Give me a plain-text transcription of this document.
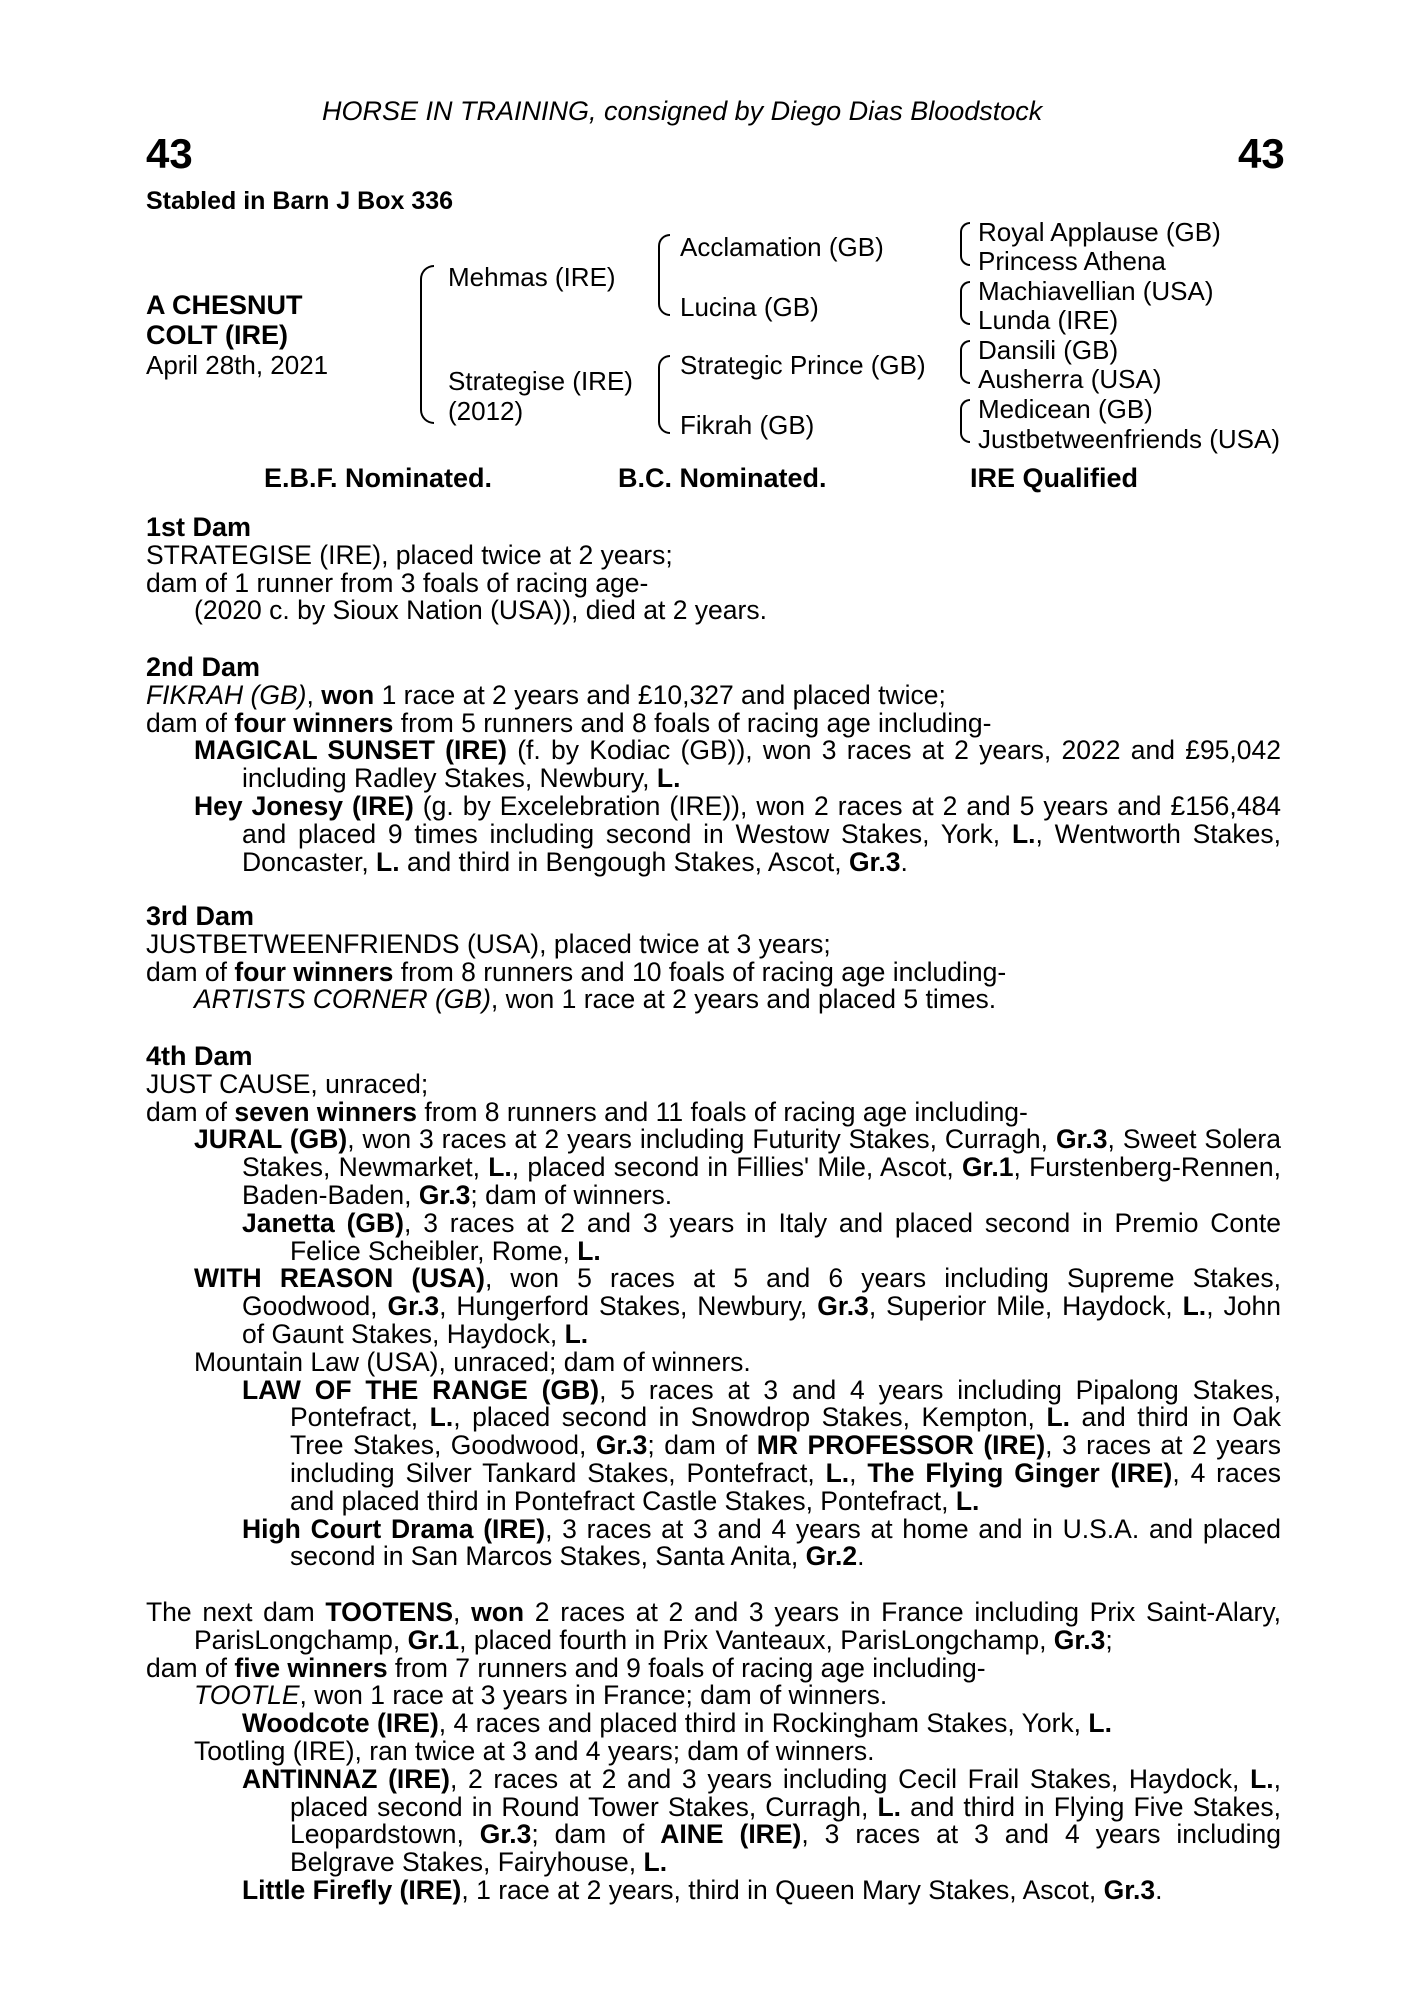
HORSE IN TRAINING, consigned by Diego Dias Bloodstock
43	43
Stabled in Barn J Box 336
A CHESNUT
COLT (IRE)
April 28th, 2021
Mehmas (IRE)
Strategise (IRE)
(2012)
Acclamation (GB)
Lucina (GB)
Strategic Prince (GB)
Fikrah (GB)
Royal Applause (GB)
Princess Athena
Machiavellian (USA)
Lunda (IRE)
Dansili (GB)
Ausherra (USA)
Medicean (GB)
Justbetweenfriends (USA)
E.B.F. Nominated.	B.C. Nominated.	IRE Qualified

1st Dam

STRATEGISE (IRE), placed twice at 2 years;

dam of 1 runner from 3 foals of racing age-

(2020 c. by Sioux Nation (USA)), died at 2 years.

2nd Dam

FIKRAH (GB), won 1 race at 2 years and £10,327 and placed twice;

dam of four winners from 5 runners and 8 foals of racing age including-

MAGICAL SUNSET (IRE) (f. by Kodiac (GB)), won 3 races at 2 years, 2022 and £95,042 including Radley Stakes, Newbury, L.

Hey Jonesy (IRE) (g. by Excelebration (IRE)), won 2 races at 2 and 5 years and £156,484 and placed 9 times including second in Westow Stakes, York, L., Wentworth Stakes, Doncaster, L. and third in Bengough Stakes, Ascot, Gr.3.

3rd Dam

JUSTBETWEENFRIENDS (USA), placed twice at 3 years;

dam of four winners from 8 runners and 10 foals of racing age including-

ARTISTS CORNER (GB), won 1 race at 2 years and placed 5 times.

4th Dam

JUST CAUSE, unraced;

dam of seven winners from 8 runners and 11 foals of racing age including-

JURAL (GB), won 3 races at 2 years including Futurity Stakes, Curragh, Gr.3, Sweet Solera Stakes, Newmarket, L., placed second in Fillies' Mile, Ascot, Gr.1, Furstenberg-Rennen, Baden-Baden, Gr.3; dam of winners.

Janetta (GB), 3 races at 2 and 3 years in Italy and placed second in Premio Conte Felice Scheibler, Rome, L.

WITH REASON (USA), won 5 races at 5 and 6 years including Supreme Stakes, Goodwood, Gr.3, Hungerford Stakes, Newbury, Gr.3, Superior Mile, Haydock, L., John of Gaunt Stakes, Haydock, L.

Mountain Law (USA), unraced; dam of winners.

LAW OF THE RANGE (GB), 5 races at 3 and 4 years including Pipalong Stakes, Pontefract, L., placed second in Snowdrop Stakes, Kempton, L. and third in Oak Tree Stakes, Goodwood, Gr.3; dam of MR PROFESSOR (IRE), 3 races at 2 years including Silver Tankard Stakes, Pontefract, L., The Flying Ginger (IRE), 4 races and placed third in Pontefract Castle Stakes, Pontefract, L.

High Court Drama (IRE), 3 races at 3 and 4 years at home and in U.S.A. and placed second in San Marcos Stakes, Santa Anita, Gr.2.

The next dam TOOTENS, won 2 races at 2 and 3 years in France including Prix Saint-Alary, ParisLongchamp, Gr.1, placed fourth in Prix Vanteaux, ParisLongchamp, Gr.3;

dam of five winners from 7 runners and 9 foals of racing age including-

TOOTLE, won 1 race at 3 years in France; dam of winners.

Woodcote (IRE), 4 races and placed third in Rockingham Stakes, York, L.

Tootling (IRE), ran twice at 3 and 4 years; dam of winners.

ANTINNAZ (IRE), 2 races at 2 and 3 years including Cecil Frail Stakes, Haydock, L., placed second in Round Tower Stakes, Curragh, L. and third in Flying Five Stakes, Leopardstown, Gr.3; dam of AINE (IRE), 3 races at 3 and 4 years including Belgrave Stakes, Fairyhouse, L.

Little Firefly (IRE), 1 race at 2 years, third in Queen Mary Stakes, Ascot, Gr.3.
